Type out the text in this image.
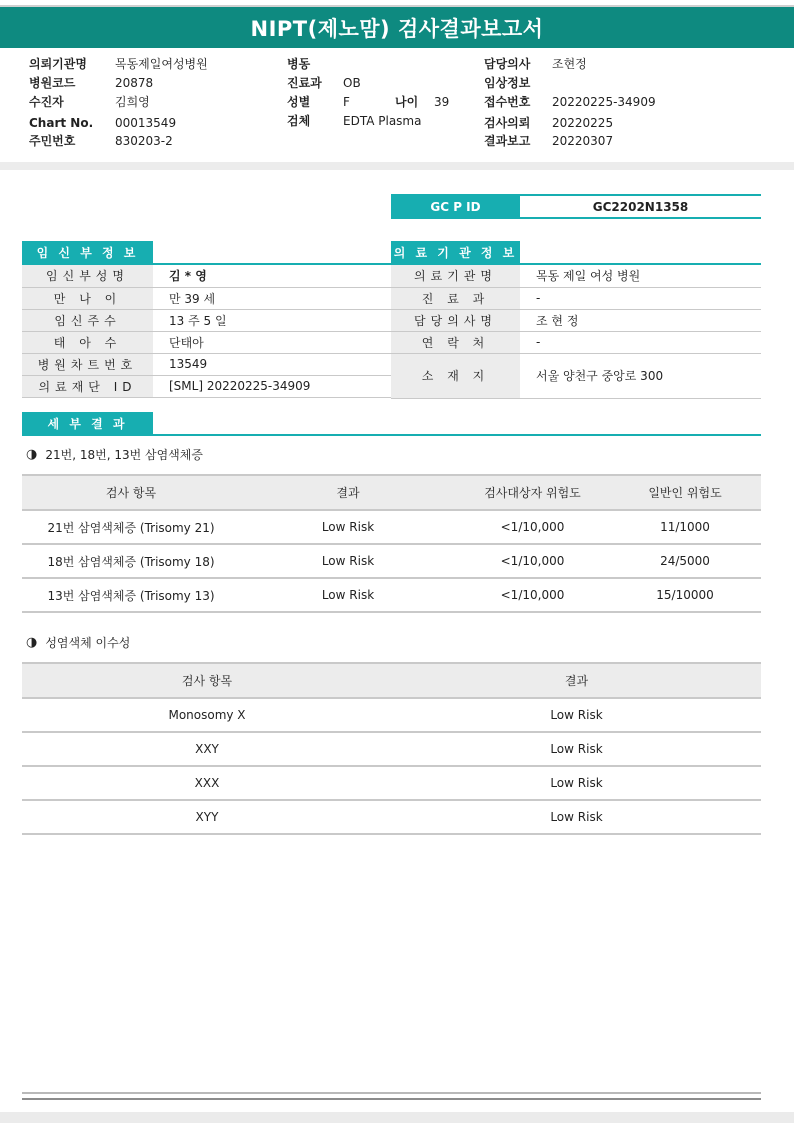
NIPT(제노맘) 검사결과보고서
의뢰기관명 목동제일여성병원
병원코드	20878
수진자	김희영
Chart No. 00013549
주민번호	830203-2
병동
진료과 OB
성별	F	나이 39
검체	EDTA Plasma
담당의사 조현정
임상정보
접수번호 20220225-34909
검사의뢰 20220225
결과보고 20220307
GC P ID	GC2202N1358
임 신 부 정 보
임신부성명	김 * 영
만 나 이	만 39 세
임신주수	13 주 5 일
태 아 수	단태아
병원차트번호	13549
의료재단 ID	[SML] 20220225-34909
의 료 기 관 정 보
의료기관명	목동 제일 여성 병원
진 료 과	-
담당의사명	조 현 정
연 락 처	-
소 재 지	서울 양천구 중앙로 300
세 부 결 과
◑ 21번, 18번, 13번 삼염색체증
검사 항목	결과	검사대상자 위험도	일반인 위험도
21번 삼염색체증 (Trisomy 21)	Low Risk	<1/10,000	11/1000
18번 삼염색체증 (Trisomy 18)	Low Risk	<1/10,000	24/5000
13번 삼염색체증 (Trisomy 13)	Low Risk	<1/10,000	15/10000
◑ 성염색체 이수성
검사 항목	결과
Monosomy X	Low Risk
XXY	Low Risk
XXX	Low Risk
XYY	Low Risk
